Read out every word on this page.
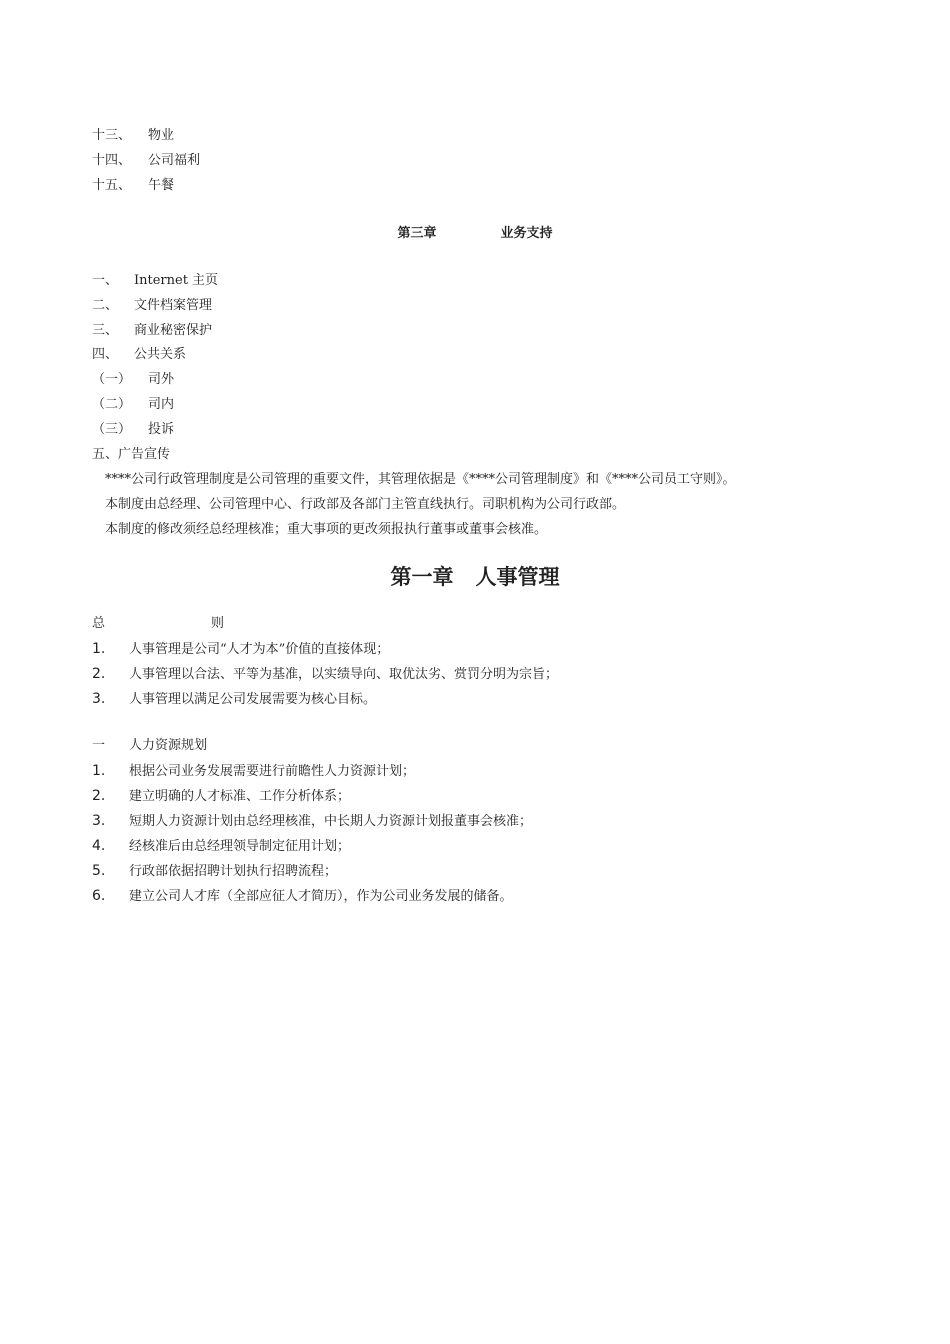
十三、 物业
十四、 公司福利
十五、 午餐
第三章	业务支持
一、 Internet 主页
二、 文件档案管理
三、 商业秘密保护
四、 公共关系
（一） 司外
（二） 司内
（三） 投诉
五、广告宣传
****公司行政管理制度是公司管理的重要文件，其管理依据是《****公司管理制度》和《****公司员工守则》。
本制度由总经理、公司管理中心、行政部及各部门主管直线执行。司职机构为公司行政部。
本制度的修改须经总经理核准；重大事项的更改须报执行董事或董事会核准。
第一章 人事管理
总	则
1. 人事管理是公司“人才为本”价值的直接体现；
2. 人事管理以合法、平等为基准，以实绩导向、取优汰劣、赏罚分明为宗旨；
3. 人事管理以满足公司发展需要为核心目标。
一 人力资源规划
1. 根据公司业务发展需要进行前瞻性人力资源计划；
2. 建立明确的人才标准、工作分析体系；
3. 短期人力资源计划由总经理核准，中长期人力资源计划报董事会核准；
4. 经核准后由总经理领导制定征用计划；
5. 行政部依据招聘计划执行招聘流程；
6. 建立公司人才库（全部应征人才简历），作为公司业务发展的储备。
